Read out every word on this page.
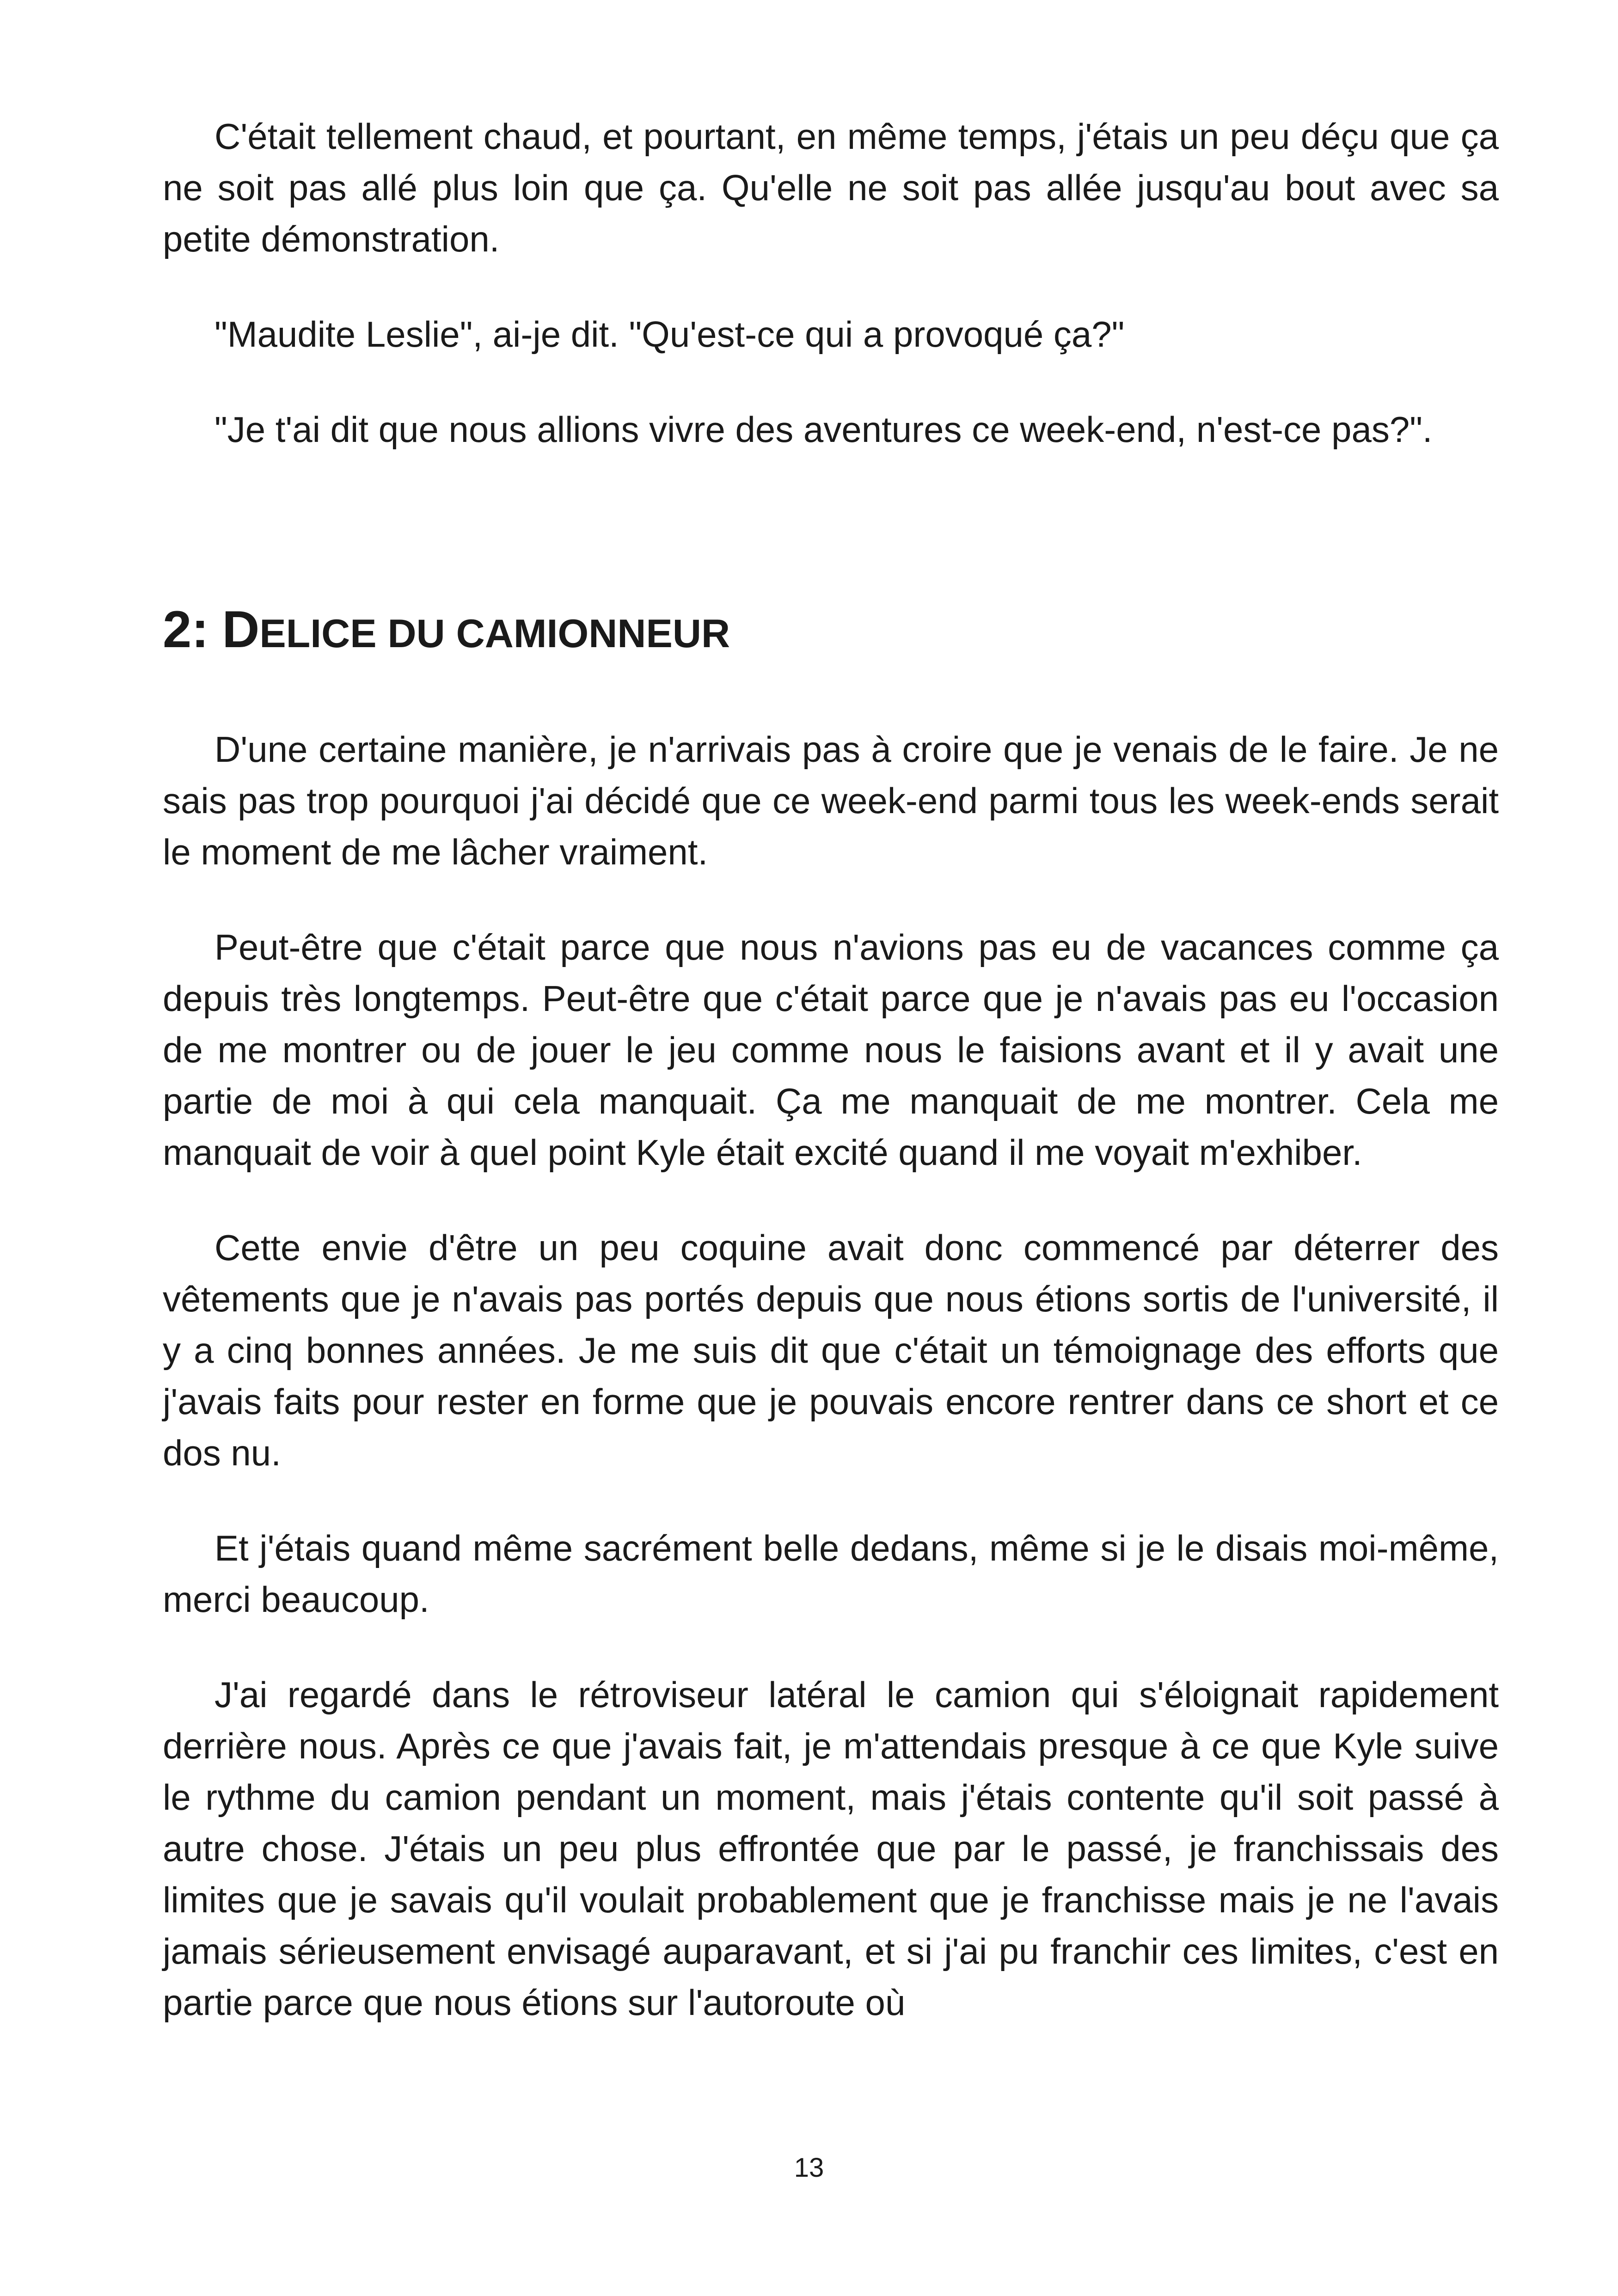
C'était tellement chaud, et pourtant, en même temps, j'étais un peu déçu que ça ne soit pas allé plus loin que ça. Qu'elle ne soit pas allée jusqu'au bout avec sa petite démonstration.

"Maudite Leslie", ai-je dit. "Qu'est-ce qui a provoqué ça?"

"Je t'ai dit que nous allions vivre des aventures ce week-end, n'est-ce pas?".

2: DELICE DU CAMIONNEUR

D'une certaine manière, je n'arrivais pas à croire que je venais de le faire. Je ne sais pas trop pourquoi j'ai décidé que ce week-end parmi tous les week-ends serait le moment de me lâcher vraiment.

Peut-être que c'était parce que nous n'avions pas eu de vacances comme ça depuis très longtemps. Peut-être que c'était parce que je n'avais pas eu l'occasion de me montrer ou de jouer le jeu comme nous le faisions avant et il y avait une partie de moi à qui cela manquait. Ça me manquait de me montrer. Cela me manquait de voir à quel point Kyle était excité quand il me voyait m'exhiber.

Cette envie d'être un peu coquine avait donc commencé par déterrer des vêtements que je n'avais pas portés depuis que nous étions sortis de l'université, il y a cinq bonnes années. Je me suis dit que c'était un témoignage des efforts que j'avais faits pour rester en forme que je pouvais encore rentrer dans ce short et ce dos nu.

Et j'étais quand même sacrément belle dedans, même si je le disais moi-même, merci beaucoup.

J'ai regardé dans le rétroviseur latéral le camion qui s'éloignait rapidement derrière nous. Après ce que j'avais fait, je m'attendais presque à ce que Kyle suive le rythme du camion pendant un moment, mais j'étais contente qu'il soit passé à autre chose. J'étais un peu plus effrontée que par le passé, je franchissais des limites que je savais qu'il voulait probablement que je franchisse mais je ne l'avais jamais sérieusement envisagé auparavant, et si j'ai pu franchir ces limites, c'est en partie parce que nous étions sur l'autoroute où

13
